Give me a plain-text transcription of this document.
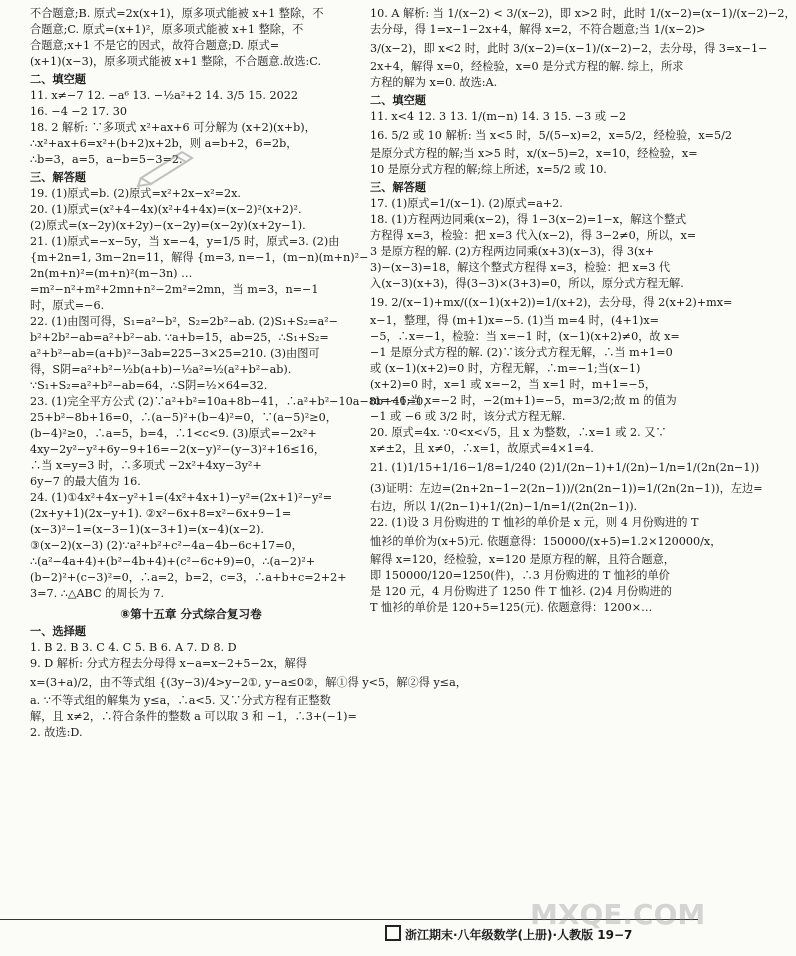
不合题意;B. 原式=2x(x+1)，原多项式能被 x+1 整除，不
合题意;C. 原式=(x+1)²，原多项式能被 x+1 整除，不
合题意;x+1 不是它的因式，故符合题意;D. 原式=
(x+1)(x−3)，原多项式能被 x+1 整除，不合题意.故选:C.
二、填空题
11. x≠−7 12. −a⁶ 13. −½a²+2 14. 3/5 15. 2022
16. −4 −2 17. 30
18. 2 解析: ∵多项式 x²+ax+6 可分解为 (x+2)(x+b)，
∴x²+ax+6=x²+(b+2)x+2b，则 a=b+2，6=2b，
∴b=3，a=5，a−b=5−3=2.
三、解答题
19. (1)原式=b. (2)原式=x²+2x−x²=2x.
20. (1)原式=(x²+4−4x)(x²+4+4x)=(x−2)²(x+2)².
(2)原式=(x−2y)(x+2y)−(x−2y)=(x−2y)(x+2y−1).
21. (1)原式=−x−5y，当 x=−4，y=1/5 时，原式=3. (2)由
{m+2n=1, 3m−2n=11，解得 {m=3, n=−1，(m−n)(m+n)²−
2n(m+n)²=(m+n)²(m−3n) …
=m²−n²+m²+2mn+n²−2m²=2mn，当 m=3，n=−1
时，原式=−6.
22. (1)由图可得，S₁=a²−b²，S₂=2b²−ab. (2)S₁+S₂=a²−
b²+2b²−ab=a²+b²−ab. ∵a+b=15，ab=25，∴S₁+S₂=
a²+b²−ab=(a+b)²−3ab=225−3×25=210. (3)由图可
得，S阴=a²+b²−½b(a+b)−½a²=½(a²+b²−ab).
∵S₁+S₂=a²+b²−ab=64，∴S阴=½×64=32.
23. (1)完全平方公式 (2)∵a²+b²=10a+8b−41，∴a²+b²−10a−8b+41=0，
25+b²−8b+16=0，∴(a−5)²+(b−4)²=0，∵(a−5)²≥0，
(b−4)²≥0，∴a=5，b=4，∴1<c<9. (3)原式=−2x²+
4xy−2y²−y²+6y−9+16=−2(x−y)²−(y−3)²+16≤16，
∴当 x=y=3 时，∴多项式 −2x²+4xy−3y²+
6y−7 的最大值为 16.
24. (1)①4x²+4x−y²+1=(4x²+4x+1)−y²=(2x+1)²−y²=
(2x+y+1)(2x−y+1). ②x²−6x+8=x²−6x+9−1=
(x−3)²−1=(x−3−1)(x−3+1)=(x−4)(x−2).
③(x−2)(x−3) (2)∵a²+b²+c²−4a−4b−6c+17=0，
∴(a²−4a+4)+(b²−4b+4)+(c²−6c+9)=0，∴(a−2)²+
(b−2)²+(c−3)²=0，∴a=2，b=2，c=3，∴a+b+c=2+2+
3=7. ∴△ABC 的周长为 7.
⑧第十五章 分式综合复习卷
一、选择题
1. B 2. B 3. C 4. C 5. B 6. A 7. D 8. D
9. D 解析: 分式方程去分母得 x−a=x−2+5−2x，解得
x=(3+a)/2，由不等式组 {(3y−3)/4>y−2①, y−a≤0②，解①得 y<5，解②得 y≤a，
a. ∵不等式组的解集为 y≤a，∴a<5. 又∵分式方程有正整数
解，且 x≠2，∴符合条件的整数 a 可以取 3 和 −1，∴3+(−1)=
2. 故选:D.
10. A 解析: 当 1/(x−2) < 3/(x−2)，即 x>2 时，此时 1/(x−2)=(x−1)/(x−2)−2，
去分母，得 1=x−1−2x+4，解得 x=2，不符合题意;当 1/(x−2)>
3/(x−2)，即 x<2 时，此时 3/(x−2)=(x−1)/(x−2)−2，去分母，得 3=x−1−
2x+4，解得 x=0，经检验，x=0 是分式方程的解. 综上，所求
方程的解为 x=0. 故选:A.
二、填空题
11. x<4 12. 3 13. 1/(m−n) 14. 3 15. −3 或 −2
16. 5/2 或 10 解析: 当 x<5 时，5/(5−x)=2，x=5/2，经检验，x=5/2
是原分式方程的解;当 x>5 时，x/(x−5)=2，x=10，经检验，x=
10 是原分式方程的解;综上所述，x=5/2 或 10.
三、解答题
17. (1)原式=1/(x−1). (2)原式=a+2.
18. (1)方程两边同乘(x−2)，得 1−3(x−2)=1−x，解这个整式
方程得 x=3，检验：把 x=3 代入(x−2)，得 3−2≠0，所以，x=
3 是原方程的解. (2)方程两边同乘(x+3)(x−3)，得 3(x+
3)−(x−3)=18，解这个整式方程得 x=3，检验：把 x=3 代
入(x−3)(x+3)，得(3−3)×(3+3)=0，所以，原分式方程无解.
19. 2/(x−1)+mx/((x−1)(x+2))=1/(x+2)，去分母，得 2(x+2)+mx=
x−1，整理，得 (m+1)x=−5. (1)当 m=4 时，(4+1)x=
−5，∴x=−1，检验：当 x=−1 时，(x−1)(x+2)≠0，故 x=
−1 是原分式方程的解. (2)∵该分式方程无解，∴当 m+1=0
或 (x−1)(x+2)=0 时，方程无解，∴m=−1;当(x−1)
(x+2)=0 时，x=1 或 x=−2，当 x=1 时，m+1=−5，
m=−6;当 x=−2 时，−2(m+1)=−5，m=3/2;故 m 的值为
−1 或 −6 或 3/2 时，该分式方程无解.
20. 原式=4x. ∵0<x<√5，且 x 为整数，∴x=1 或 2. 又∵
x≠±2，且 x≠0，∴x=1，故原式=4×1=4.
21. (1)1/15+1/16−1/8=1/240 (2)1/(2n−1)+1/(2n)−1/n=1/(2n(2n−1))
(3)证明：左边=(2n+2n−1−2(2n−1))/(2n(2n−1))=1/(2n(2n−1))，左边=
右边，所以 1/(2n−1)+1/(2n)−1/n=1/(2n(2n−1)).
22. (1)设 3 月份购进的 T 恤衫的单价是 x 元，则 4 月份购进的 T
恤衫的单价为(x+5)元. 依题意得：150000/(x+5)=1.2×120000/x，
解得 x=120，经检验，x=120 是原方程的解，且符合题意，
即 150000/120=1250(件)，∴3 月份购进的 T 恤衫的单价
是 120 元，4 月份购进了 1250 件 T 恤衫. (2)4 月份购进的
T 恤衫的单价是 120+5=125(元). 依题意得：1200×…
浙江期末·八年级数学(上册)·人教版 19−7
MXQE.COM
